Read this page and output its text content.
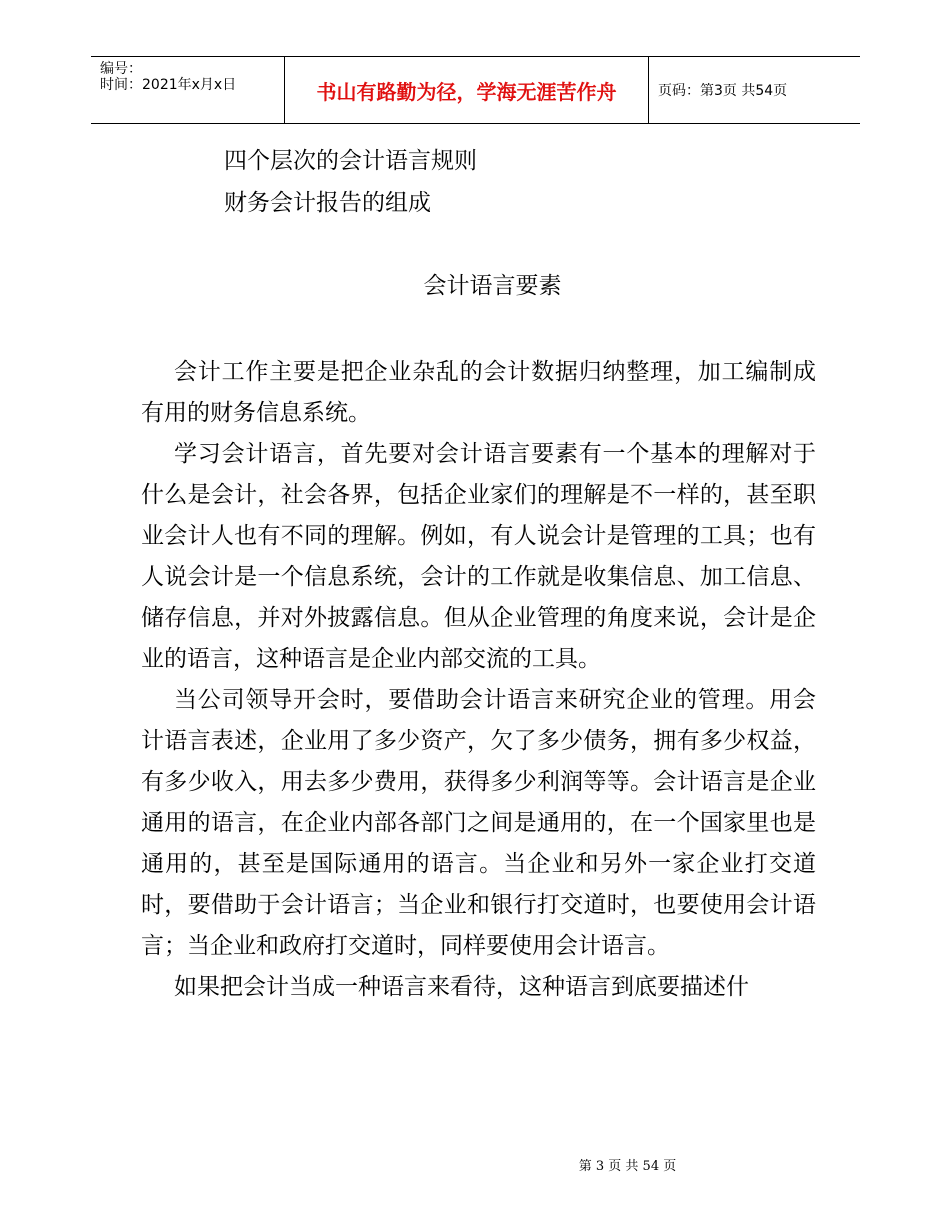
编号：
时间：2021年x月x日	书山有路勤为径，学海无涯苦作舟	页码：第3页 共54页
四个层次的会计语言规则
财务会计报告的组成
会计语言要素

会计工作主要是把企业杂乱的会计数据归纳整理，加工编制成有用的财务信息系统。

学习会计语言，首先要对会计语言要素有一个基本的理解对于什么是会计，社会各界，包括企业家们的理解是不一样的，甚至职业会计人也有不同的理解。例如，有人说会计是管理的工具；也有人说会计是一个信息系统，会计的工作就是收集信息、加工信息、储存信息，并对外披露信息。但从企业管理的角度来说，会计是企业的语言，这种语言是企业内部交流的工具。

当公司领导开会时，要借助会计语言来研究企业的管理。用会计语言表述，企业用了多少资产，欠了多少债务，拥有多少权益，有多少收入，用去多少费用，获得多少利润等等。会计语言是企业通用的语言，在企业内部各部门之间是通用的，在一个国家里也是通用的，甚至是国际通用的语言。当企业和另外一家企业打交道时，要借助于会计语言；当企业和银行打交道时，也要使用会计语言；当企业和政府打交道时，同样要使用会计语言。

如果把会计当成一种语言来看待，这种语言到底要描述什

第 3 页 共 54 页
